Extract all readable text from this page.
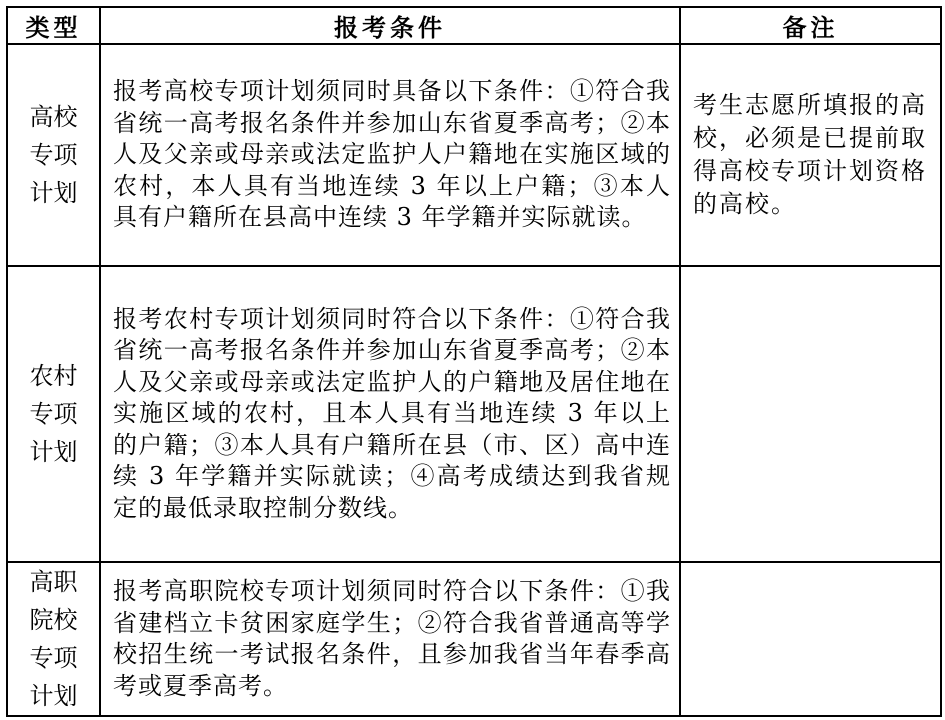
类型	报考条件	备注

高校
专项
计划	报考高校专项计划须同时具备以下条件：①符合我省统一高考报名条件并参加山东省夏季高考；②本人及父亲或母亲或法定监护人户籍地在实施区域的农村，本人具有当地连续 3 年以上户籍；③本人具有户籍所在县高中连续 3 年学籍并实际就读。	考生志愿所填报的高校，必须是已提前取得高校专项计划资格的高校。

农村
专项
计划	报考农村专项计划须同时符合以下条件：①符合我省统一高考报名条件并参加山东省夏季高考；②本人及父亲或母亲或法定监护人的户籍地及居住地在实施区域的农村，且本人具有当地连续 3 年以上的户籍；③本人具有户籍所在县（市、区）高中连续 3 年学籍并实际就读；④高考成绩达到我省规定的最低录取控制分数线。	

高职
院校
专项
计划	报考高职院校专项计划须同时符合以下条件：①我省建档立卡贫困家庭学生；②符合我省普通高等学校招生统一考试报名条件，且参加我省当年春季高考或夏季高考。	
